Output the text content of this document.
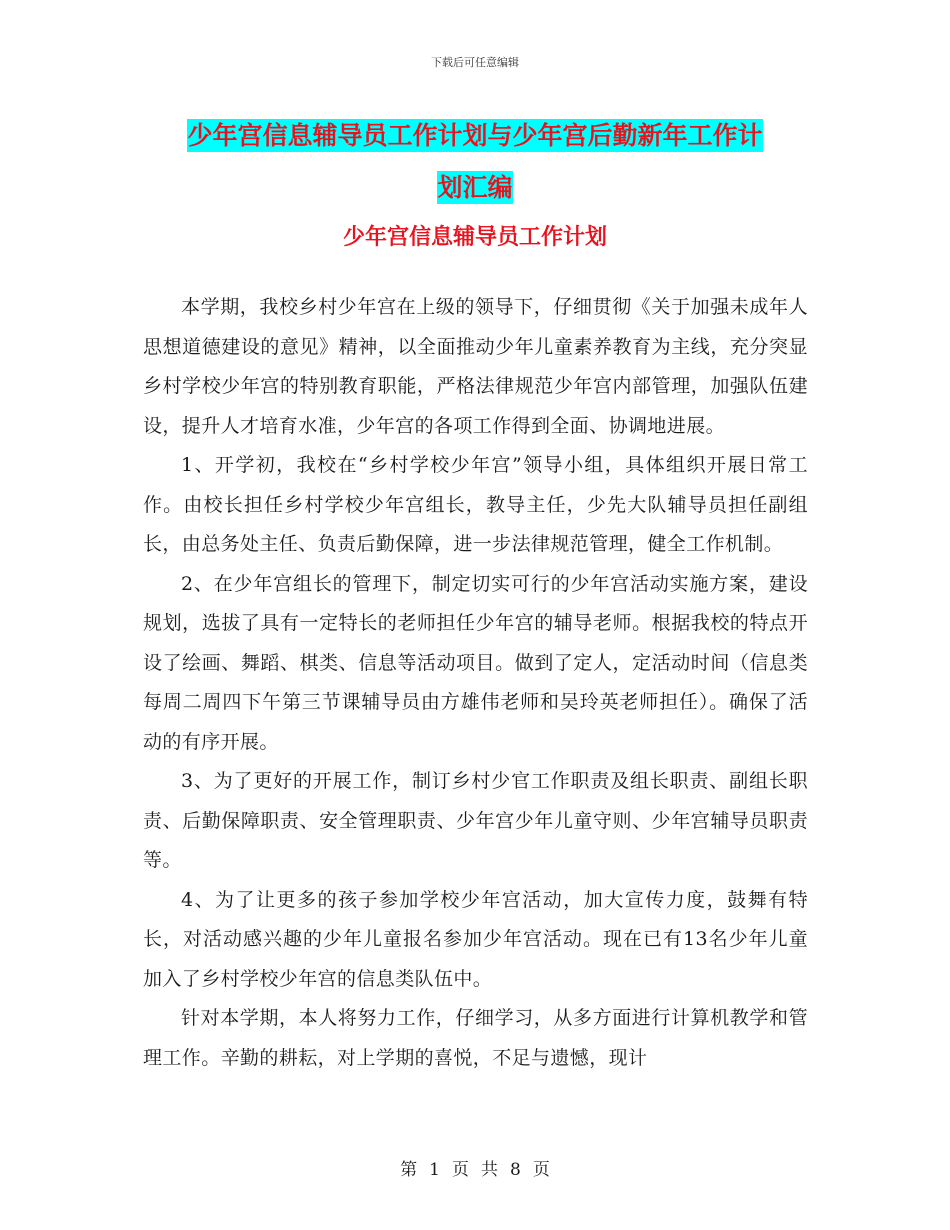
下载后可任意编辑
少年宫信息辅导员工作计划与少年宫后勤新年工作计
划汇编
少年宫信息辅导员工作计划

本学期，我校乡村少年宫在上级的领导下，仔细贯彻《关于加强未成年人思想道德建设的意见》精神，以全面推动少年儿童素养教育为主线，充分突显乡村学校少年宫的特别教育职能，严格法律规范少年宫内部管理，加强队伍建设，提升人才培育水准，少年宫的各项工作得到全面、协调地进展。

1、开学初，我校在“乡村学校少年宫”领导小组，具体组织开展日常工作。由校长担任乡村学校少年宫组长，教导主任，少先大队辅导员担任副组长，由总务处主任、负责后勤保障，进一步法律规范管理，健全工作机制。

2、在少年宫组长的管理下，制定切实可行的少年宫活动实施方案，建设规划，选拔了具有一定特长的老师担任少年宫的辅导老师。根据我校的特点开设了绘画、舞蹈、棋类、信息等活动项目。做到了定人，定活动时间（信息类每周二周四下午第三节课辅导员由方雄伟老师和吴玲英老师担任）。确保了活动的有序开展。

3、为了更好的开展工作，制订乡村少官工作职责及组长职责、副组长职责、后勤保障职责、安全管理职责、少年宫少年儿童守则、少年宫辅导员职责等。

4、为了让更多的孩子参加学校少年宫活动，加大宣传力度，鼓舞有特长，对活动感兴趣的少年儿童报名参加少年宫活动。现在已有13名少年儿童加入了乡村学校少年宫的信息类队伍中。

针对本学期，本人将努力工作，仔细学习，从多方面进行计算机教学和管理工作。辛勤的耕耘，对上学期的喜悦，不足与遗憾，现计

第 1 页 共 8 页
